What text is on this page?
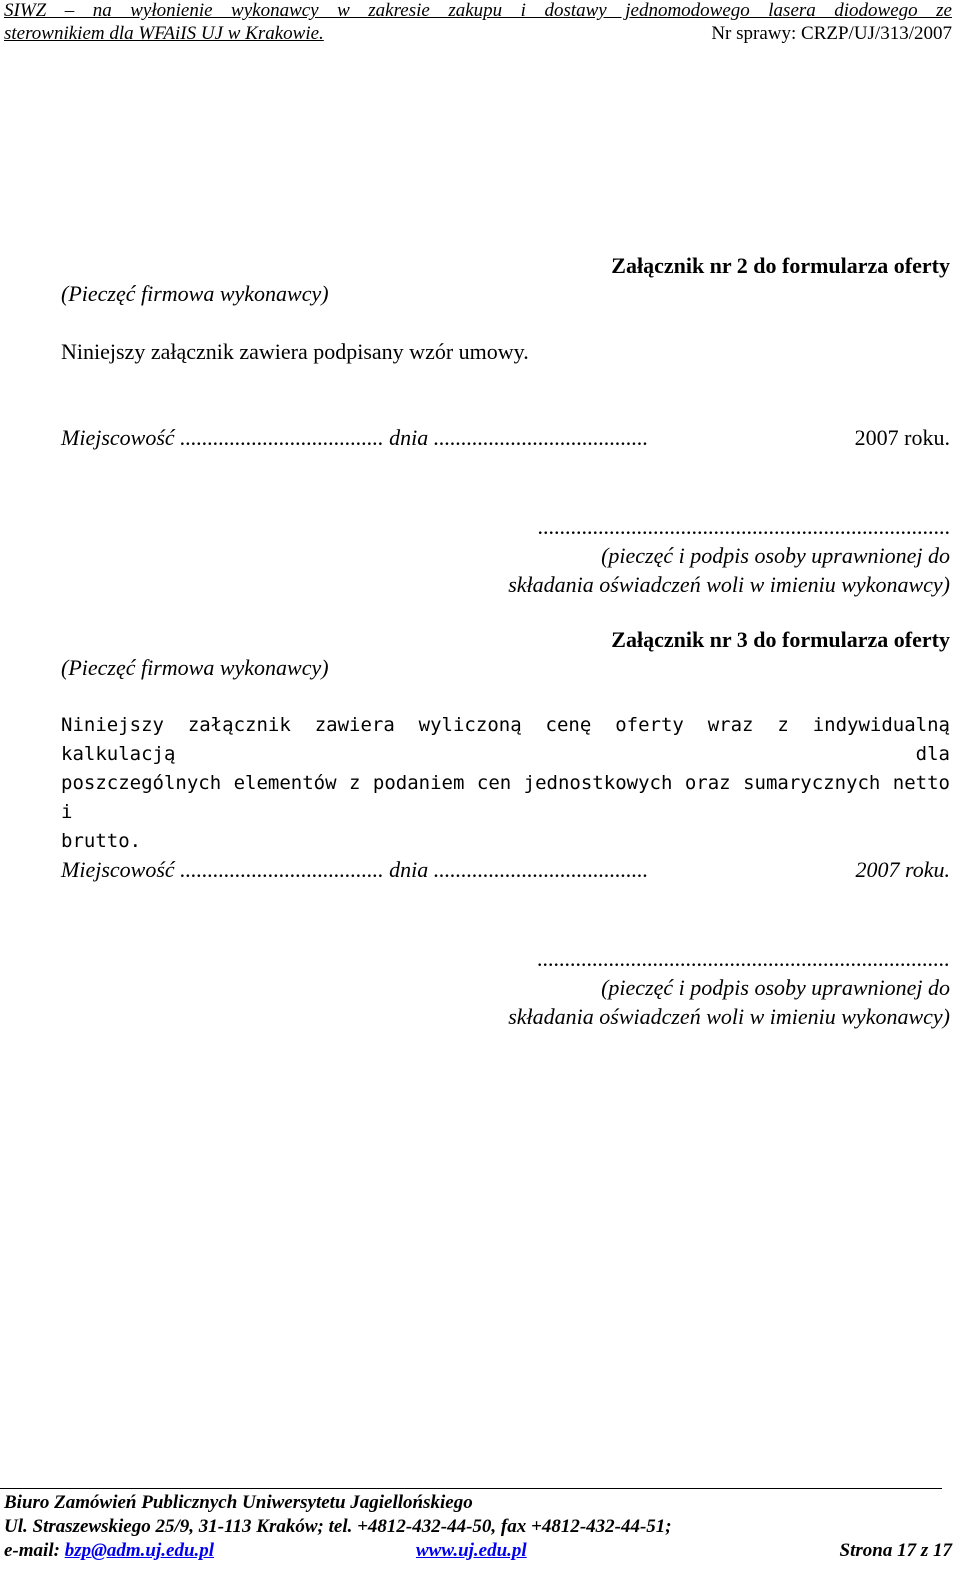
SIWZ – na wyłonienie wykonawcy w zakresie zakupu i dostawy jednomodowego lasera diodowego ze
sterownikiem dla WFAiIS UJ w Krakowie.	Nr sprawy: CRZP/UJ/313/2007
Załącznik nr 2 do formularza oferty
(Pieczęć firmowa wykonawcy)
Niniejszy załącznik zawiera podpisany wzór umowy.
Miejscowość ..................................... dnia .......................................	2007 roku.
...........................................................................
(pieczęć i podpis osoby uprawnionej do
składania oświadczeń woli w imieniu wykonawcy)
Załącznik nr 3 do formularza oferty
(Pieczęć firmowa wykonawcy)
Niniejszy załącznik zawiera wyliczoną cenę oferty wraz z indywidualną kalkulacją dla
poszczególnych elementów z podaniem cen jednostkowych oraz sumarycznych netto i
brutto.
Miejscowość ..................................... dnia .......................................	2007 roku.
...........................................................................
(pieczęć i podpis osoby uprawnionej do
składania oświadczeń woli w imieniu wykonawcy)
Biuro Zamówień Publicznych Uniwersytetu Jagiellońskiego
Ul. Straszewskiego 25/9, 31-113 Kraków; tel. +4812-432-44-50, fax +4812-432-44-51;
e-mail: bzp@adm.uj.edu.pl	www.uj.edu.pl	Strona 17 z 17
